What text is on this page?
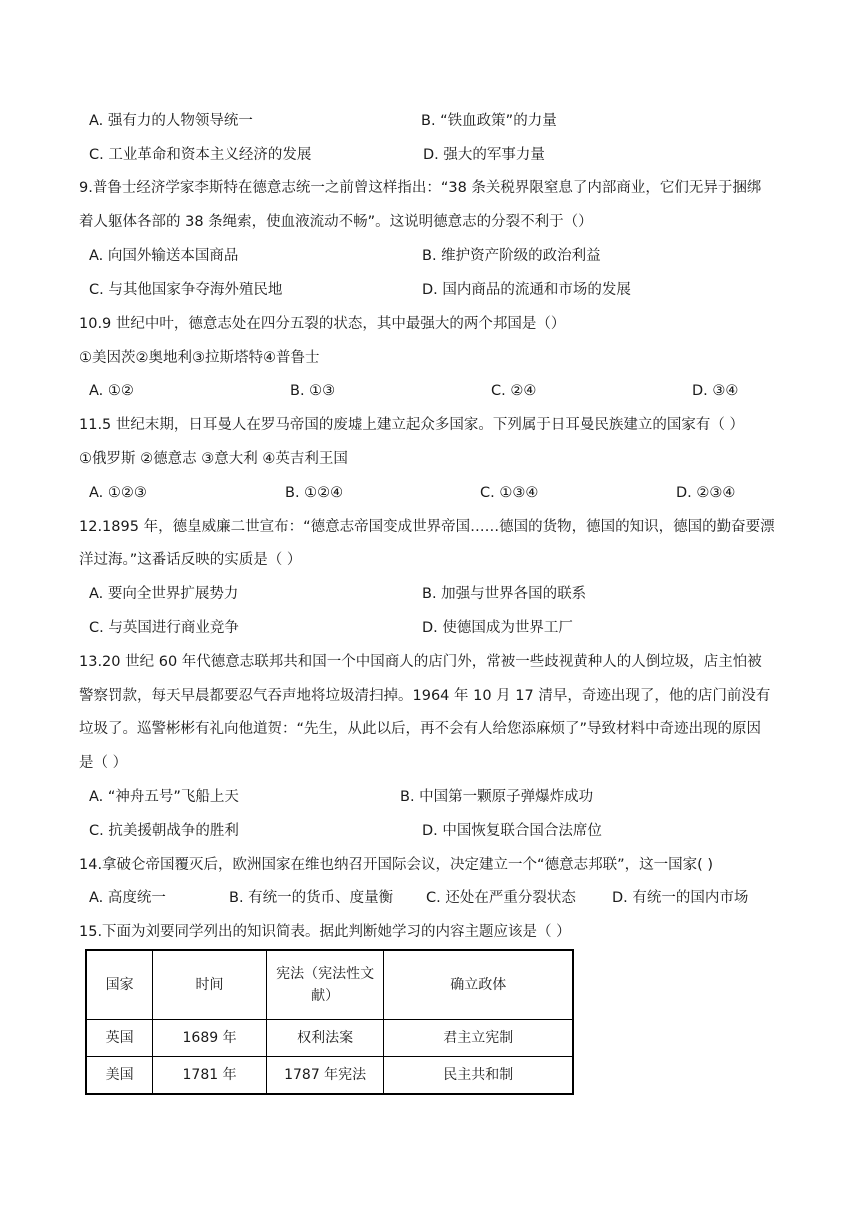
A. 强有力的人物领导统一	B. “铁血政策”的力量
C. 工业革命和资本主义经济的发展	D. 强大的军事力量
9.普鲁士经济学家李斯特在德意志统一之前曾这样指出：“38 条关税界限窒息了内部商业，它们无异于捆绑
着人躯体各部的 38 条绳索，使血液流动不畅”。这说明德意志的分裂不利于（）
A. 向国外输送本国商品	B. 维护资产阶级的政治利益
C. 与其他国家争夺海外殖民地	D. 国内商品的流通和市场的发展
10.9 世纪中叶，德意志处在四分五裂的状态，其中最强大的两个邦国是（）
①美因茨②奥地利③拉斯塔特④普鲁士
A. ①②	B. ①③	C. ②④	D. ③④
11.5 世纪末期，日耳曼人在罗马帝国的废墟上建立起众多国家。下列属于日耳曼民族建立的国家有（ ）
①俄罗斯 ②德意志 ③意大利 ④英吉利王国
A. ①②③	B. ①②④	C. ①③④	D. ②③④
12.1895 年，德皇威廉二世宣布：“德意志帝国变成世界帝国……德国的货物，德国的知识，德国的勤奋要漂
洋过海。”这番话反映的实质是（ ）
A. 要向全世界扩展势力	B. 加强与世界各国的联系
C. 与英国进行商业竞争	D. 使德国成为世界工厂
13.20 世纪 60 年代德意志联邦共和国一个中国商人的店门外，常被一些歧视黄种人的人倒垃圾，店主怕被
警察罚款，每天早晨都要忍气吞声地将垃圾清扫掉。1964 年 10 月 17 清早，奇迹出现了，他的店门前没有
垃圾了。巡警彬彬有礼向他道贺：“先生，从此以后，再不会有人给您添麻烦了”导致材料中奇迹出现的原因
是（ ）
A. “神舟五号”飞船上天	B. 中国第一颗原子弹爆炸成功
C. 抗美援朝战争的胜利	D. 中国恢复联合国合法席位
14.拿破仑帝国覆灭后，欧洲国家在维也纳召开国际会议，决定建立一个“德意志邦联”，这一国家( )
A. 高度统一	B. 有统一的货币、度量衡 C. 还处在严重分裂状态 D. 有统一的国内市场
15.下面为刘要同学列出的知识简表。据此判断她学习的内容主题应该是（ ）
国家	时间	宪法（宪法性文献）	确立政体
英国	1689 年	权利法案	君主立宪制
美国	1781 年	1787 年宪法	民主共和制
